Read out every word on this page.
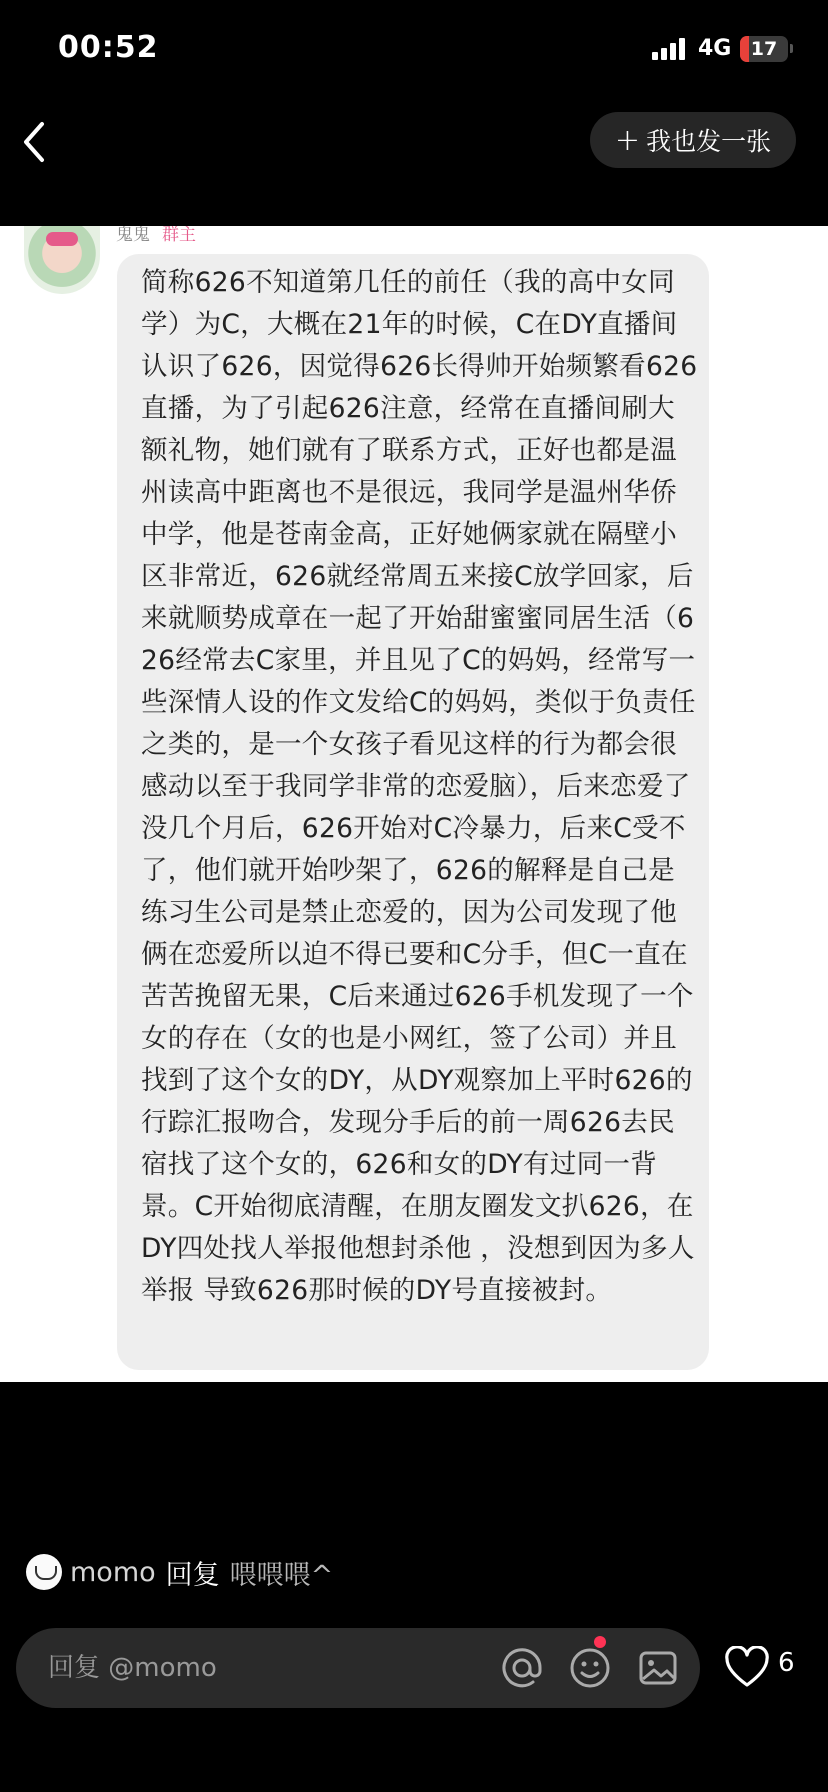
00:52	4G	17
+ 我也发一张
鬼鬼 群主
简称626不知道第几任的前任（我的高中女同学）为C，大概在21年的时候，C在DY直播间认识了626，因觉得626长得帅开始频繁看626直播，为了引起626注意，经常在直播间刷大额礼物，她们就有了联系方式，正好也都是温州读高中距离也不是很远，我同学是温州华侨中学，他是苍南金高，正好她俩家就在隔壁小区非常近，626就经常周五来接C放学回家，后来就顺势成章在一起了开始甜蜜蜜同居生活（626经常去C家里，并且见了C的妈妈，经常写一些深情人设的作文发给C的妈妈，类似于负责任之类的，是一个女孩子看见这样的行为都会很感动以至于我同学非常的恋爱脑），后来恋爱了没几个月后，626开始对C冷暴力，后来C受不了，他们就开始吵架了，626的解释是自己是练习生公司是禁止恋爱的，因为公司发现了他俩在恋爱所以迫不得已要和C分手，但C一直在苦苦挽留无果，C后来通过626手机发现了一个女的存在（女的也是小网红，签了公司）并且找到了这个女的DY，从DY观察加上平时626的行踪汇报吻合，发现分手后的前一周626去民宿找了这个女的，626和女的DY有过同一背景。C开始彻底清醒，在朋友圈发文扒626，在DY四处找人举报他想封杀他 ，没想到因为多人举报 导致626那时候的DY号直接被封。
momo 回复 喂喂喂^
回复 @momo	6
